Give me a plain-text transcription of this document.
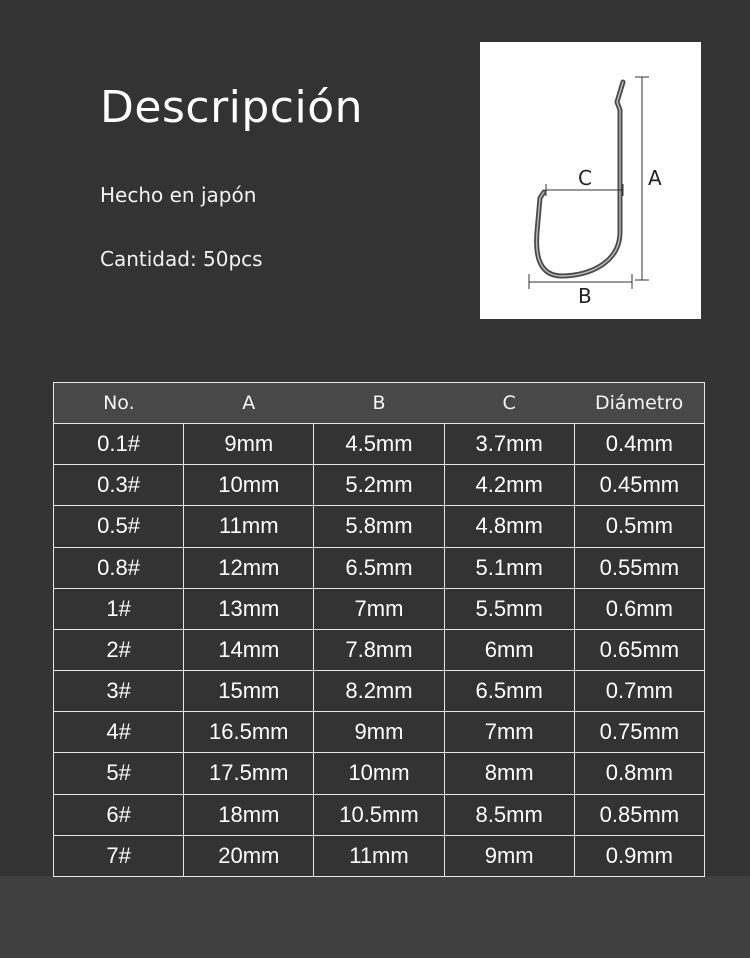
Descripción

Hecho en japón

Cantidad: 50pcs

A
C
B
No.	A	B	C	Diámetro
0.1#	9mm	4.5mm	3.7mm	0.4mm
0.3#	10mm	5.2mm	4.2mm	0.45mm
0.5#	11mm	5.8mm	4.8mm	0.5mm
0.8#	12mm	6.5mm	5.1mm	0.55mm
1#	13mm	7mm	5.5mm	0.6mm
2#	14mm	7.8mm	6mm	0.65mm
3#	15mm	8.2mm	6.5mm	0.7mm
4#	16.5mm	9mm	7mm	0.75mm
5#	17.5mm	10mm	8mm	0.8mm
6#	18mm	10.5mm	8.5mm	0.85mm
7#	20mm	11mm	9mm	0.9mm
